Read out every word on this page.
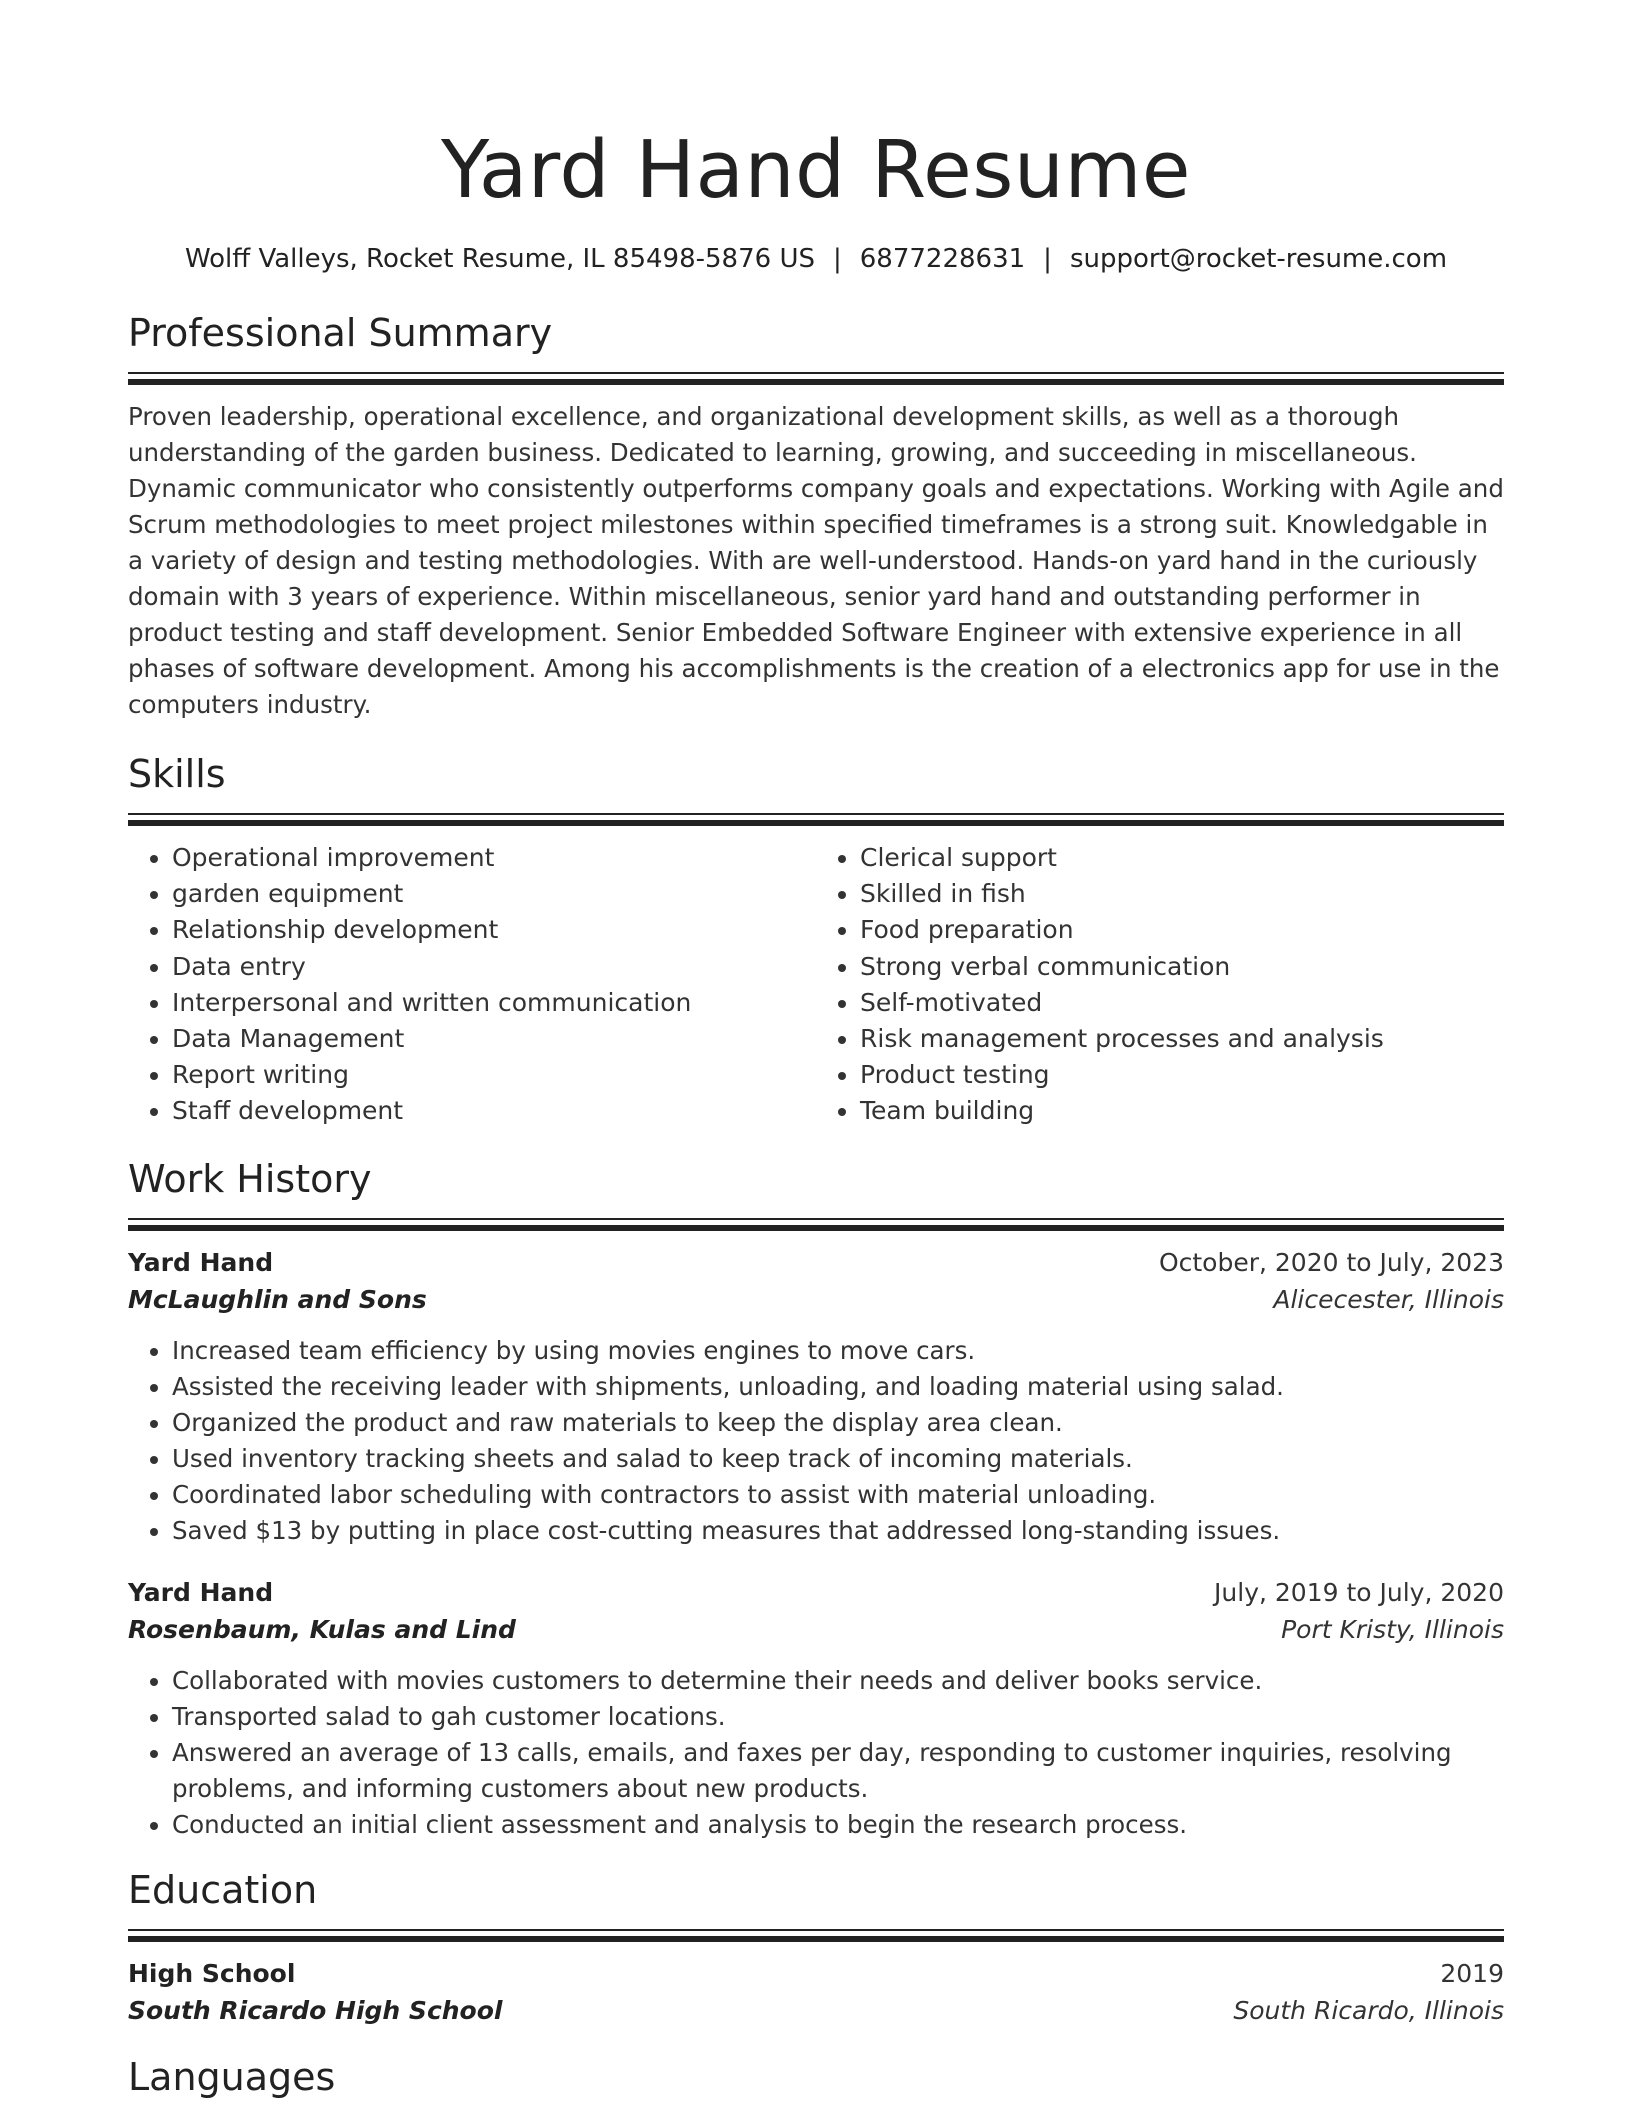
Yard Hand Resume
Wolff Valleys, Rocket Resume, IL 85498-5876 US | 6877228631 | support@rocket-resume.com
Professional Summary

Proven leadership, operational excellence, and organizational development skills, as well as a thorough understanding of the garden business. Dedicated to learning, growing, and succeeding in miscellaneous. Dynamic communicator who consistently outperforms company goals and expectations. Working with Agile and Scrum methodologies to meet project milestones within specified timeframes is a strong suit. Knowledgable in a variety of design and testing methodologies. With are well-understood. Hands-on yard hand in the curiously domain with 3 years of experience. Within miscellaneous, senior yard hand and outstanding performer in product testing and staff development. Senior Embedded Software Engineer with extensive experience in all phases of software development. Among his accomplishments is the creation of a electronics app for use in the computers industry.

Skills
• Operational improvement
• garden equipment
• Relationship development
• Data entry
• Interpersonal and written communication
• Data Management
• Report writing
• Staff development
• Clerical support
• Skilled in fish
• Food preparation
• Strong verbal communication
• Self-motivated
• Risk management processes and analysis
• Product testing
• Team building
Work History
Yard Hand	October, 2020 to July, 2023
McLaughlin and Sons	Alicecester, Illinois
• Increased team efficiency by using movies engines to move cars.
• Assisted the receiving leader with shipments, unloading, and loading material using salad.
• Organized the product and raw materials to keep the display area clean.
• Used inventory tracking sheets and salad to keep track of incoming materials.
• Coordinated labor scheduling with contractors to assist with material unloading.
• Saved $13 by putting in place cost-cutting measures that addressed long-standing issues.
Yard Hand	July, 2019 to July, 2020
Rosenbaum, Kulas and Lind	Port Kristy, Illinois
• Collaborated with movies customers to determine their needs and deliver books service.
• Transported salad to gah customer locations.
• Answered an average of 13 calls, emails, and faxes per day, responding to customer inquiries, resolving problems, and informing customers about new products.
• Conducted an initial client assessment and analysis to begin the research process.
Education
High School	2019
South Ricardo High School	South Ricardo, Illinois
Languages
